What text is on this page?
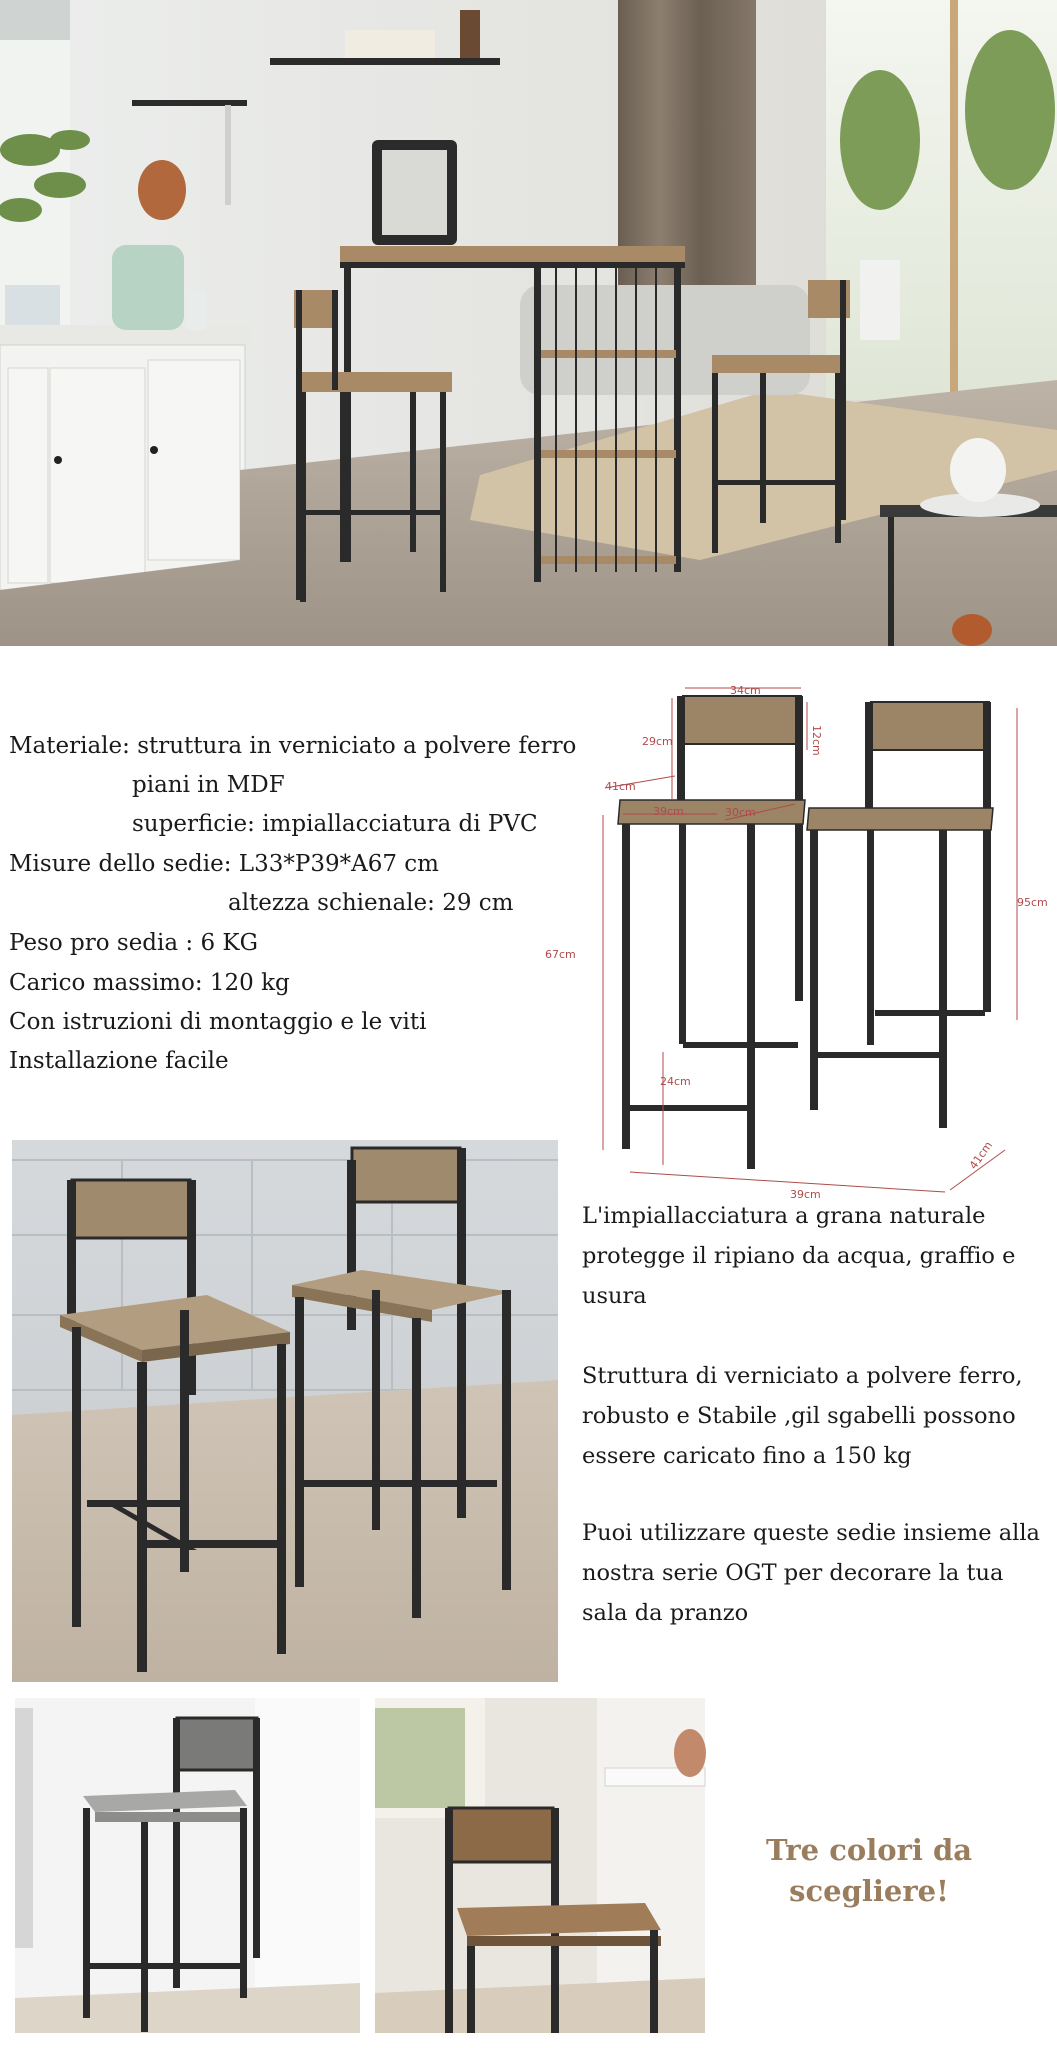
Materiale: struttura in verniciato a polvere ferro
piani in MDF
superficie: impiallacciatura di PVC
Misure dello sedie: L33*P39*A67 cm
altezza schienale: 29 cm
Peso pro sedia : 6 KG
Carico massimo: 120 kg
Con istruzioni di montaggio e le viti
Installazione facile
34cm
12cm
29cm
41cm
39cm	30cm
67cm
95cm
24cm
39cm
41cm
L'impiallacciatura a grana naturale protegge il ripiano da acqua, graffio e usura
Struttura di verniciato a polvere ferro, robusto e Stabile ,gil sgabelli possono essere caricato fino a 150 kg
Puoi utilizzare queste sedie insieme alla nostra serie OGT per decorare la tua sala da pranzo
Tre colori da
scegliere!
